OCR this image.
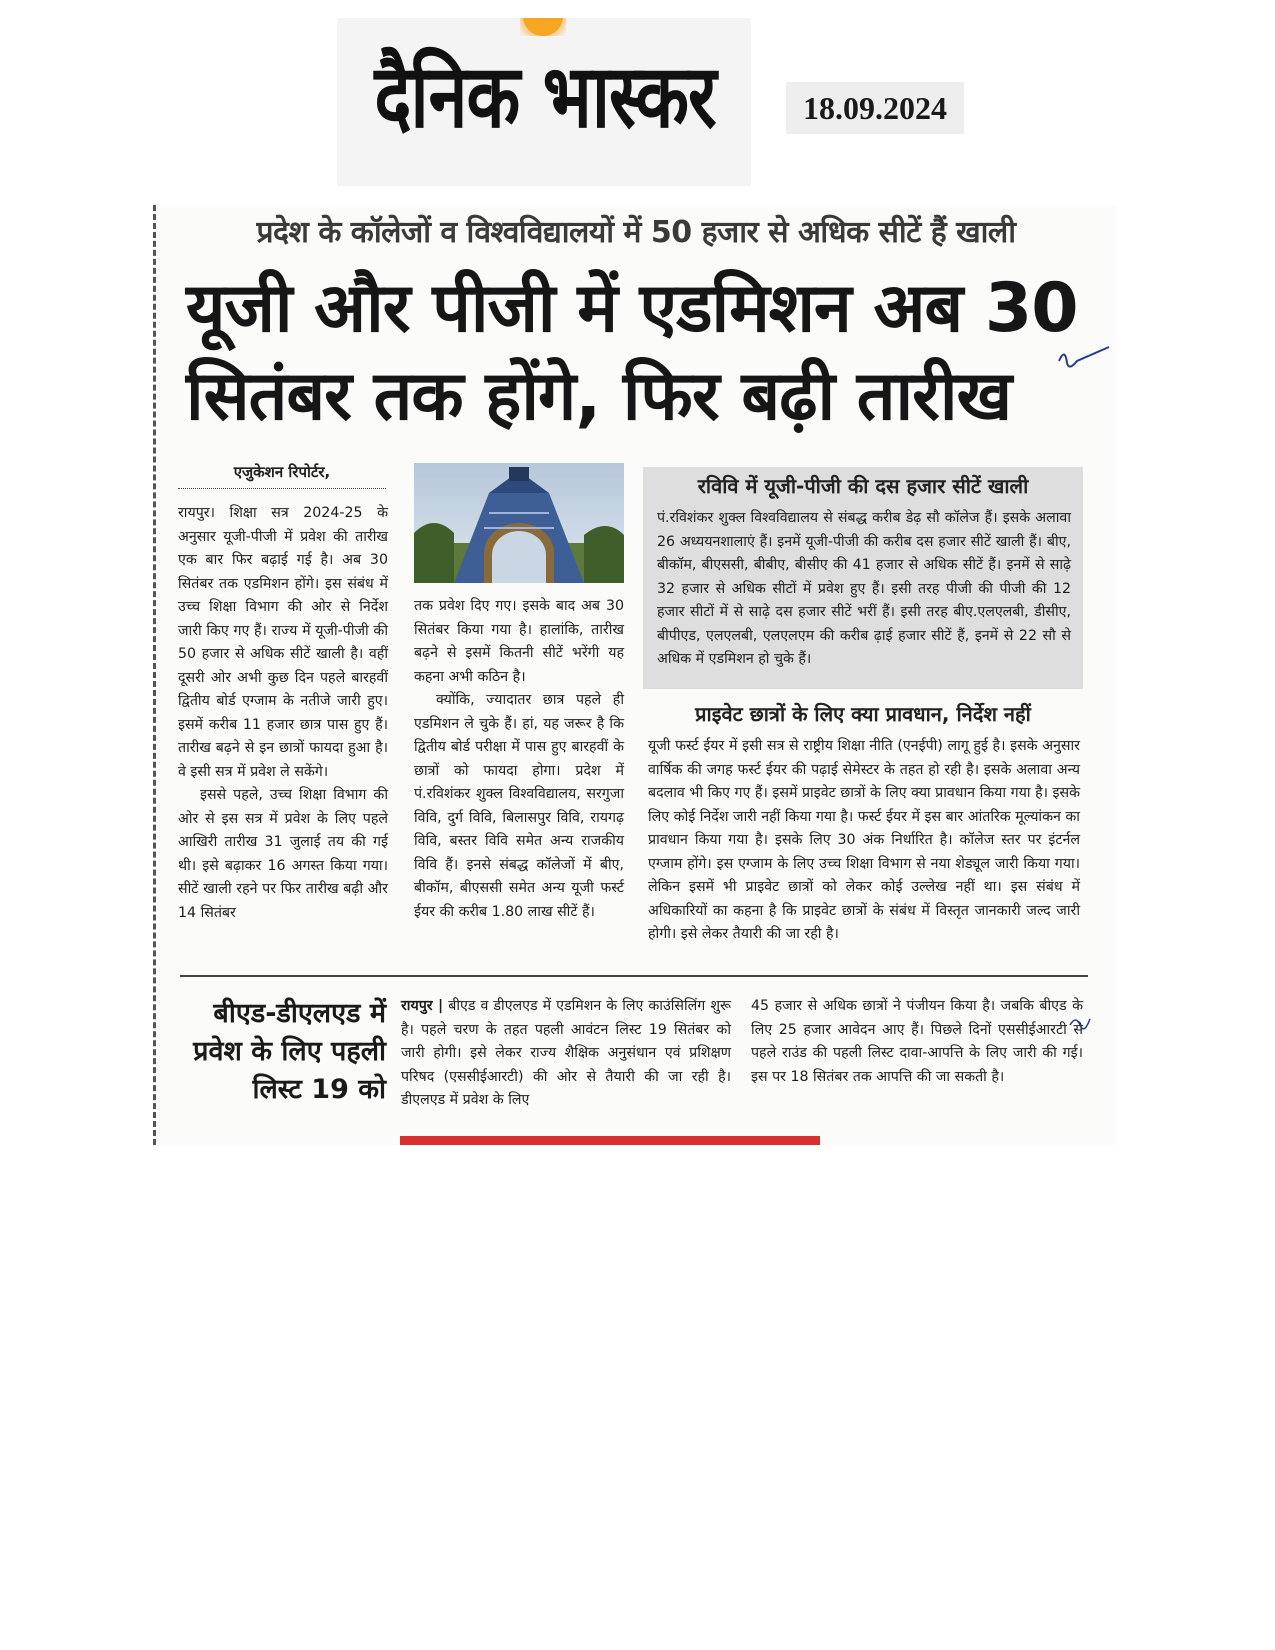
दैनिक भास्कर	18.09.2024
प्रदेश के कॉलेजों व विश्वविद्यालयों में 50 हजार से अधिक सीटें हैं खाली
यूजी और पीजी में एडमिशन अब 30
सितंबर तक होंगे, फिर बढ़ी तारीख
एजुकेशन रिपोर्टर,
रायपुर। शिक्षा सत्र 2024-25 के अनुसार यूजी-पीजी में प्रवेश की तारीख एक बार फिर बढ़ाई गई है। अब 30 सितंबर तक एडमिशन होंगे। इस संबंध में उच्च शिक्षा विभाग की ओर से निर्देश जारी किए गए हैं। राज्य में यूजी-पीजी की 50 हजार से अधिक सीटें खाली है। वहीं दूसरी ओर अभी कुछ दिन पहले बारहवीं द्वितीय बोर्ड एग्जाम के नतीजे जारी हुए। इसमें करीब 11 हजार छात्र पास हुए हैं। तारीख बढ़ने से इन छात्रों फायदा हुआ है। वे इसी सत्र में प्रवेश ले सकेंगे।
इससे पहले, उच्च शिक्षा विभाग की ओर से इस सत्र में प्रवेश के लिए पहले आखिरी तारीख 31 जुलाई तय की गई थी। इसे बढ़ाकर 16 अगस्त किया गया। सीटें खाली रहने पर फिर तारीख बढ़ी और 14 सितंबर
तक प्रवेश दिए गए। इसके बाद अब 30 सितंबर किया गया है। हालांकि, तारीख बढ़ने से इसमें कितनी सीटें भरेंगी यह कहना अभी कठिन है।
क्योंकि, ज्यादातर छात्र पहले ही एडमिशन ले चुके हैं। हां, यह जरूर है कि द्वितीय बोर्ड परीक्षा में पास हुए बारहवीं के छात्रों को फायदा होगा। प्रदेश में पं.रविशंकर शुक्ल विश्वविद्यालय, सरगुजा विवि, दुर्ग विवि, बिलासपुर विवि, रायगढ़ विवि, बस्तर विवि समेत अन्य राजकीय विवि हैं। इनसे संबद्ध कॉलेजों में बीए, बीकॉम, बीएससी समेत अन्य यूजी फर्स्ट ईयर की करीब 1.80 लाख सीटें हैं।
रविवि में यूजी-पीजी की दस हजार सीटें खाली
पं.रविशंकर शुक्ल विश्वविद्यालय से संबद्ध करीब डेढ़ सौ कॉलेज हैं। इसके अलावा 26 अध्ययनशालाएं हैं। इनमें यूजी-पीजी की करीब दस हजार सीटें खाली हैं। बीए, बीकॉम, बीएससी, बीबीए, बीसीए की 41 हजार से अधिक सीटें हैं। इनमें से साढ़े 32 हजार से अधिक सीटों में प्रवेश हुए हैं। इसी तरह पीजी की पीजी की 12 हजार सीटों में से साढ़े दस हजार सीटें भरीं हैं। इसी तरह बीए.एलएलबी, डीसीए, बीपीएड, एलएलबी, एलएलएम की करीब ढ़ाई हजार सीटें हैं, इनमें से 22 सौ से अधिक में एडमिशन हो चुके हैं।
प्राइवेट छात्रों के लिए क्या प्रावधान, निर्देश नहीं
यूजी फर्स्ट ईयर में इसी सत्र से राष्ट्रीय शिक्षा नीति (एनईपी) लागू हुई है। इसके अनुसार वार्षिक की जगह फर्स्ट ईयर की पढ़ाई सेमेस्टर के तहत हो रही है। इसके अलावा अन्य बदलाव भी किए गए हैं। इसमें प्राइवेट छात्रों के लिए क्या प्रावधान किया गया है। इसके लिए कोई निर्देश जारी नहीं किया गया है। फर्स्ट ईयर में इस बार आंतरिक मूल्यांकन का प्रावधान किया गया है। इसके लिए 30 अंक निर्धारित है। कॉलेज स्तर पर इंटर्नल एग्जाम होंगे। इस एग्जाम के लिए उच्च शिक्षा विभाग से नया शेड्यूल जारी किया गया। लेकिन इसमें भी प्राइवेट छात्रों को लेकर कोई उल्लेख नहीं था। इस संबंध में अधिकारियों का कहना है कि प्राइवेट छात्रों के संबंध में विस्तृत जानकारी जल्द जारी होगी। इसे लेकर तैयारी की जा रही है।
बीएड-डीएलएड में प्रवेश के लिए पहली लिस्ट 19 को
रायपुर | बीएड व डीएलएड में एडमिशन के लिए काउंसिलिंग शुरू है। पहले चरण के तहत पहली आवंटन लिस्ट 19 सितंबर को जारी होगी। इसे लेकर राज्य शैक्षिक अनुसंधान एवं प्रशिक्षण परिषद (एससीईआरटी) की ओर से तैयारी की जा रही है। डीएलएड में प्रवेश के लिए
45 हजार से अधिक छात्रों ने पंजीयन किया है। जबकि बीएड के लिए 25 हजार आवेदन आए हैं। पिछले दिनों एससीईआरटी से पहले राउंड की पहली लिस्ट दावा-आपत्ति के लिए जारी की गई। इस पर 18 सितंबर तक आपत्ति की जा सकती है।
